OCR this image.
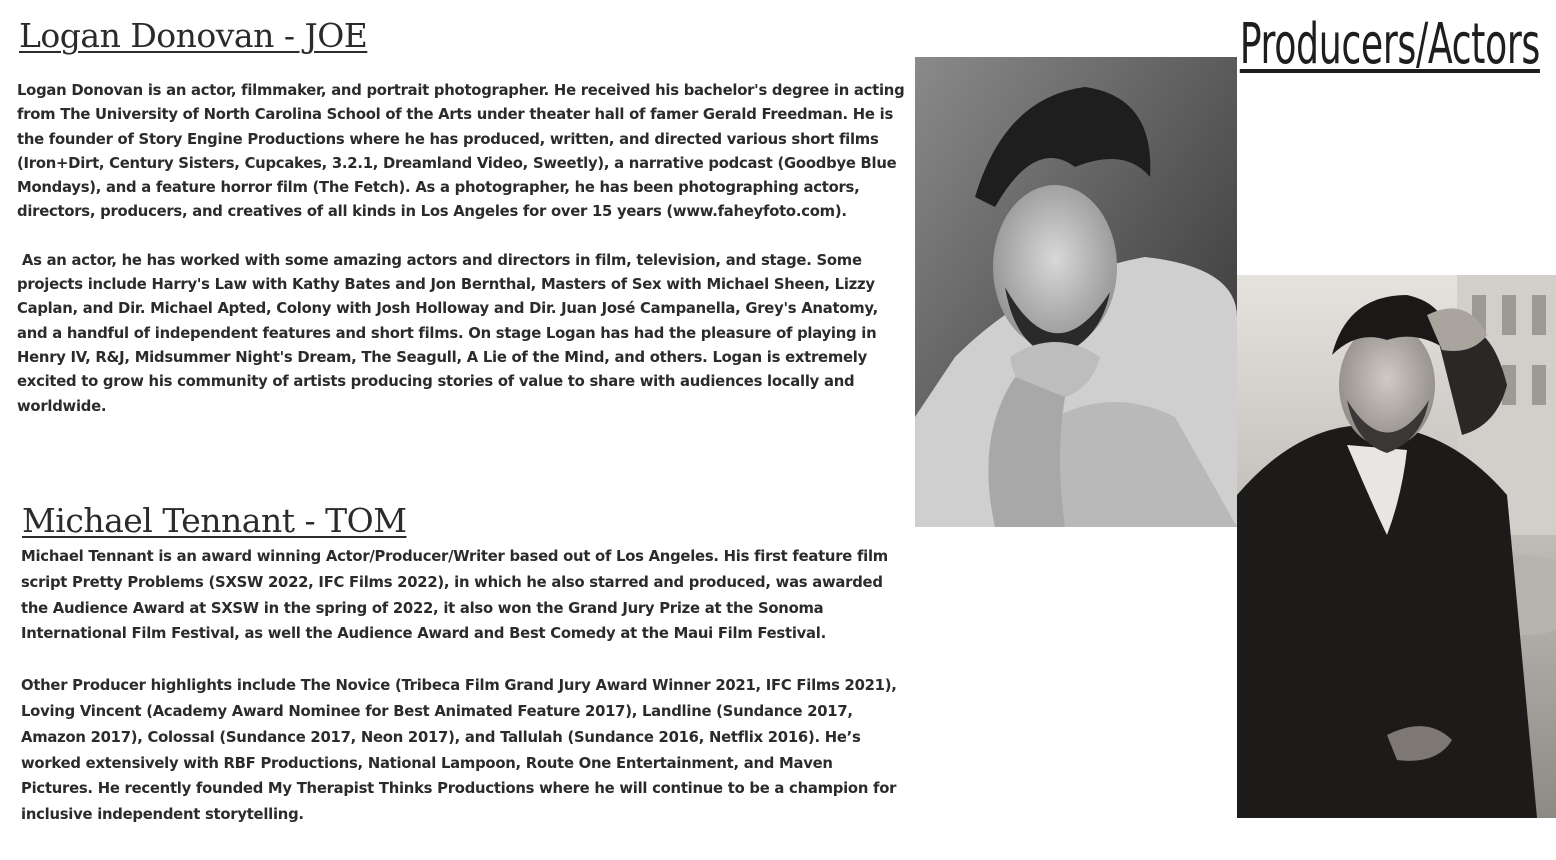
Producers/Actors
Logan Donovan - JOE

Logan Donovan is an actor, filmmaker, and portrait photographer. He received his bachelor's degree in acting from The University of North Carolina School of the Arts under theater hall of famer Gerald Freedman. He is the founder of Story Engine Productions where he has produced, written, and directed various short films (Iron+Dirt, Century Sisters, Cupcakes, 3.2.1, Dreamland Video, Sweetly), a narrative podcast (Goodbye Blue Mondays), and a feature horror film (The Fetch). As a photographer, he has been photographing actors, directors, producers, and creatives of all kinds in Los Angeles for over 15 years (www.faheyfoto.com).

As an actor, he has worked with some amazing actors and directors in film, television, and stage. Some projects include Harry's Law with Kathy Bates and Jon Bernthal, Masters of Sex with Michael Sheen, Lizzy Caplan, and Dir. Michael Apted, Colony with Josh Holloway and Dir. Juan José Campanella, Grey's Anatomy, and a handful of independent features and short films. On stage Logan has had the pleasure of playing in Henry IV, R&J, Midsummer Night's Dream, The Seagull, A Lie of the Mind, and others. Logan is extremely excited to grow his community of artists producing stories of value to share with audiences locally and worldwide.

Michael Tennant - TOM

Michael Tennant is an award winning Actor/Producer/Writer based out of Los Angeles. His first feature film script Pretty Problems (SXSW 2022, IFC Films 2022), in which he also starred and produced, was awarded the Audience Award at SXSW in the spring of 2022, it also won the Grand Jury Prize at the Sonoma International Film Festival, as well the Audience Award and Best Comedy at the Maui Film Festival.

Other Producer highlights include The Novice (Tribeca Film Grand Jury Award Winner 2021, IFC Films 2021), Loving Vincent (Academy Award Nominee for Best Animated Feature 2017), Landline (Sundance 2017, Amazon 2017), Colossal (Sundance 2017, Neon 2017), and Tallulah (Sundance 2016, Netflix 2016). He’s worked extensively with RBF Productions, National Lampoon, Route One Entertainment, and Maven Pictures. He recently founded My Therapist Thinks Productions where he will continue to be a champion for inclusive independent storytelling.
